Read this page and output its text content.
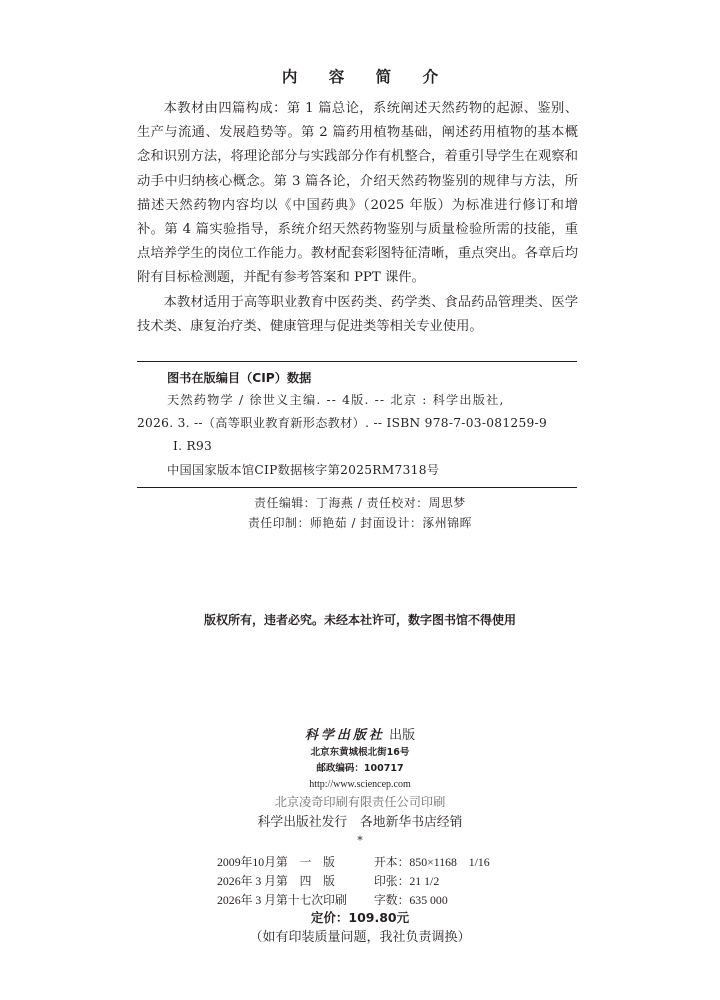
内 容 简 介

本教材由四篇构成：第 1 篇总论，系统阐述天然药物的起源、鉴别、生产与流通、发展趋势等。第 2 篇药用植物基础，阐述药用植物的基本概念和识别方法，将理论部分与实践部分作有机整合，着重引导学生在观察和动手中归纳核心概念。第 3 篇各论，介绍天然药物鉴别的规律与方法，所描述天然药物内容均以《中国药典》（2025 年版）为标准进行修订和增补。第 4 篇实验指导，系统介绍天然药物鉴别与质量检验所需的技能，重点培养学生的岗位工作能力。教材配套彩图特征清晰，重点突出。各章后均附有目标检测题，并配有参考答案和 PPT 课件。

本教材适用于高等职业教育中医药类、药学类、食品药品管理类、医学技术类、康复治疗类、健康管理与促进类等相关专业使用。

图书在版编目（CIP）数据
天然药物学 / 徐世义主编. -- 4版. -- 北京 : 科学出版社,
2026. 3. --（高等职业教育新形态教材）. -- ISBN 978-7-03-081259-9
Ⅰ. R93
中国国家版本馆CIP数据核字第2025RM7318号
责任编辑：丁海燕 / 责任校对：周思梦
责任印制：师艳茹 / 封面设计：涿州锦晖
版权所有，违者必究。未经本社许可，数字图书馆不得使用
科学出版社 出版
北京东黄城根北街16号
邮政编码：100717
http://www.sciencep.com
北京凌奇印刷有限责任公司印刷
科学出版社发行　各地新华书店经销
*
2009年10月第　一　版	开本：850×1168　1/16
2026年 3 月第　四　版	印张：21 1/2
2026年 3 月第十七次印刷	字数：635 000
定价：109.80元
（如有印装质量问题，我社负责调换）
